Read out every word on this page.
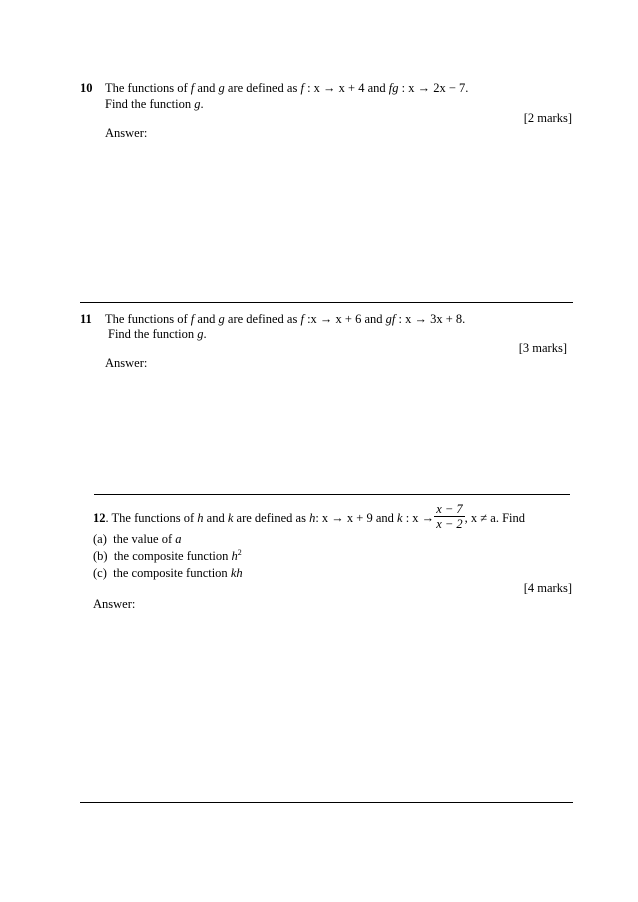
10 The functions of f and g are defined as f : x → x + 4 and fg : x → 2x − 7.
Find the function g.
[2 marks]
Answer:
11 The functions of f and g are defined as f :x → x + 6 and gf : x → 3x + 8.
Find the function g.
[3 marks]
Answer:
12. The functions of h and k are defined as h: x → x + 9 and k : $x \to \frac{x - 7}{x - 2}$ , x ≠ a. Find
(a) the value of a
(b) the composite function $h^2$
(c) the composite function kh
[4 marks]
Answer:
